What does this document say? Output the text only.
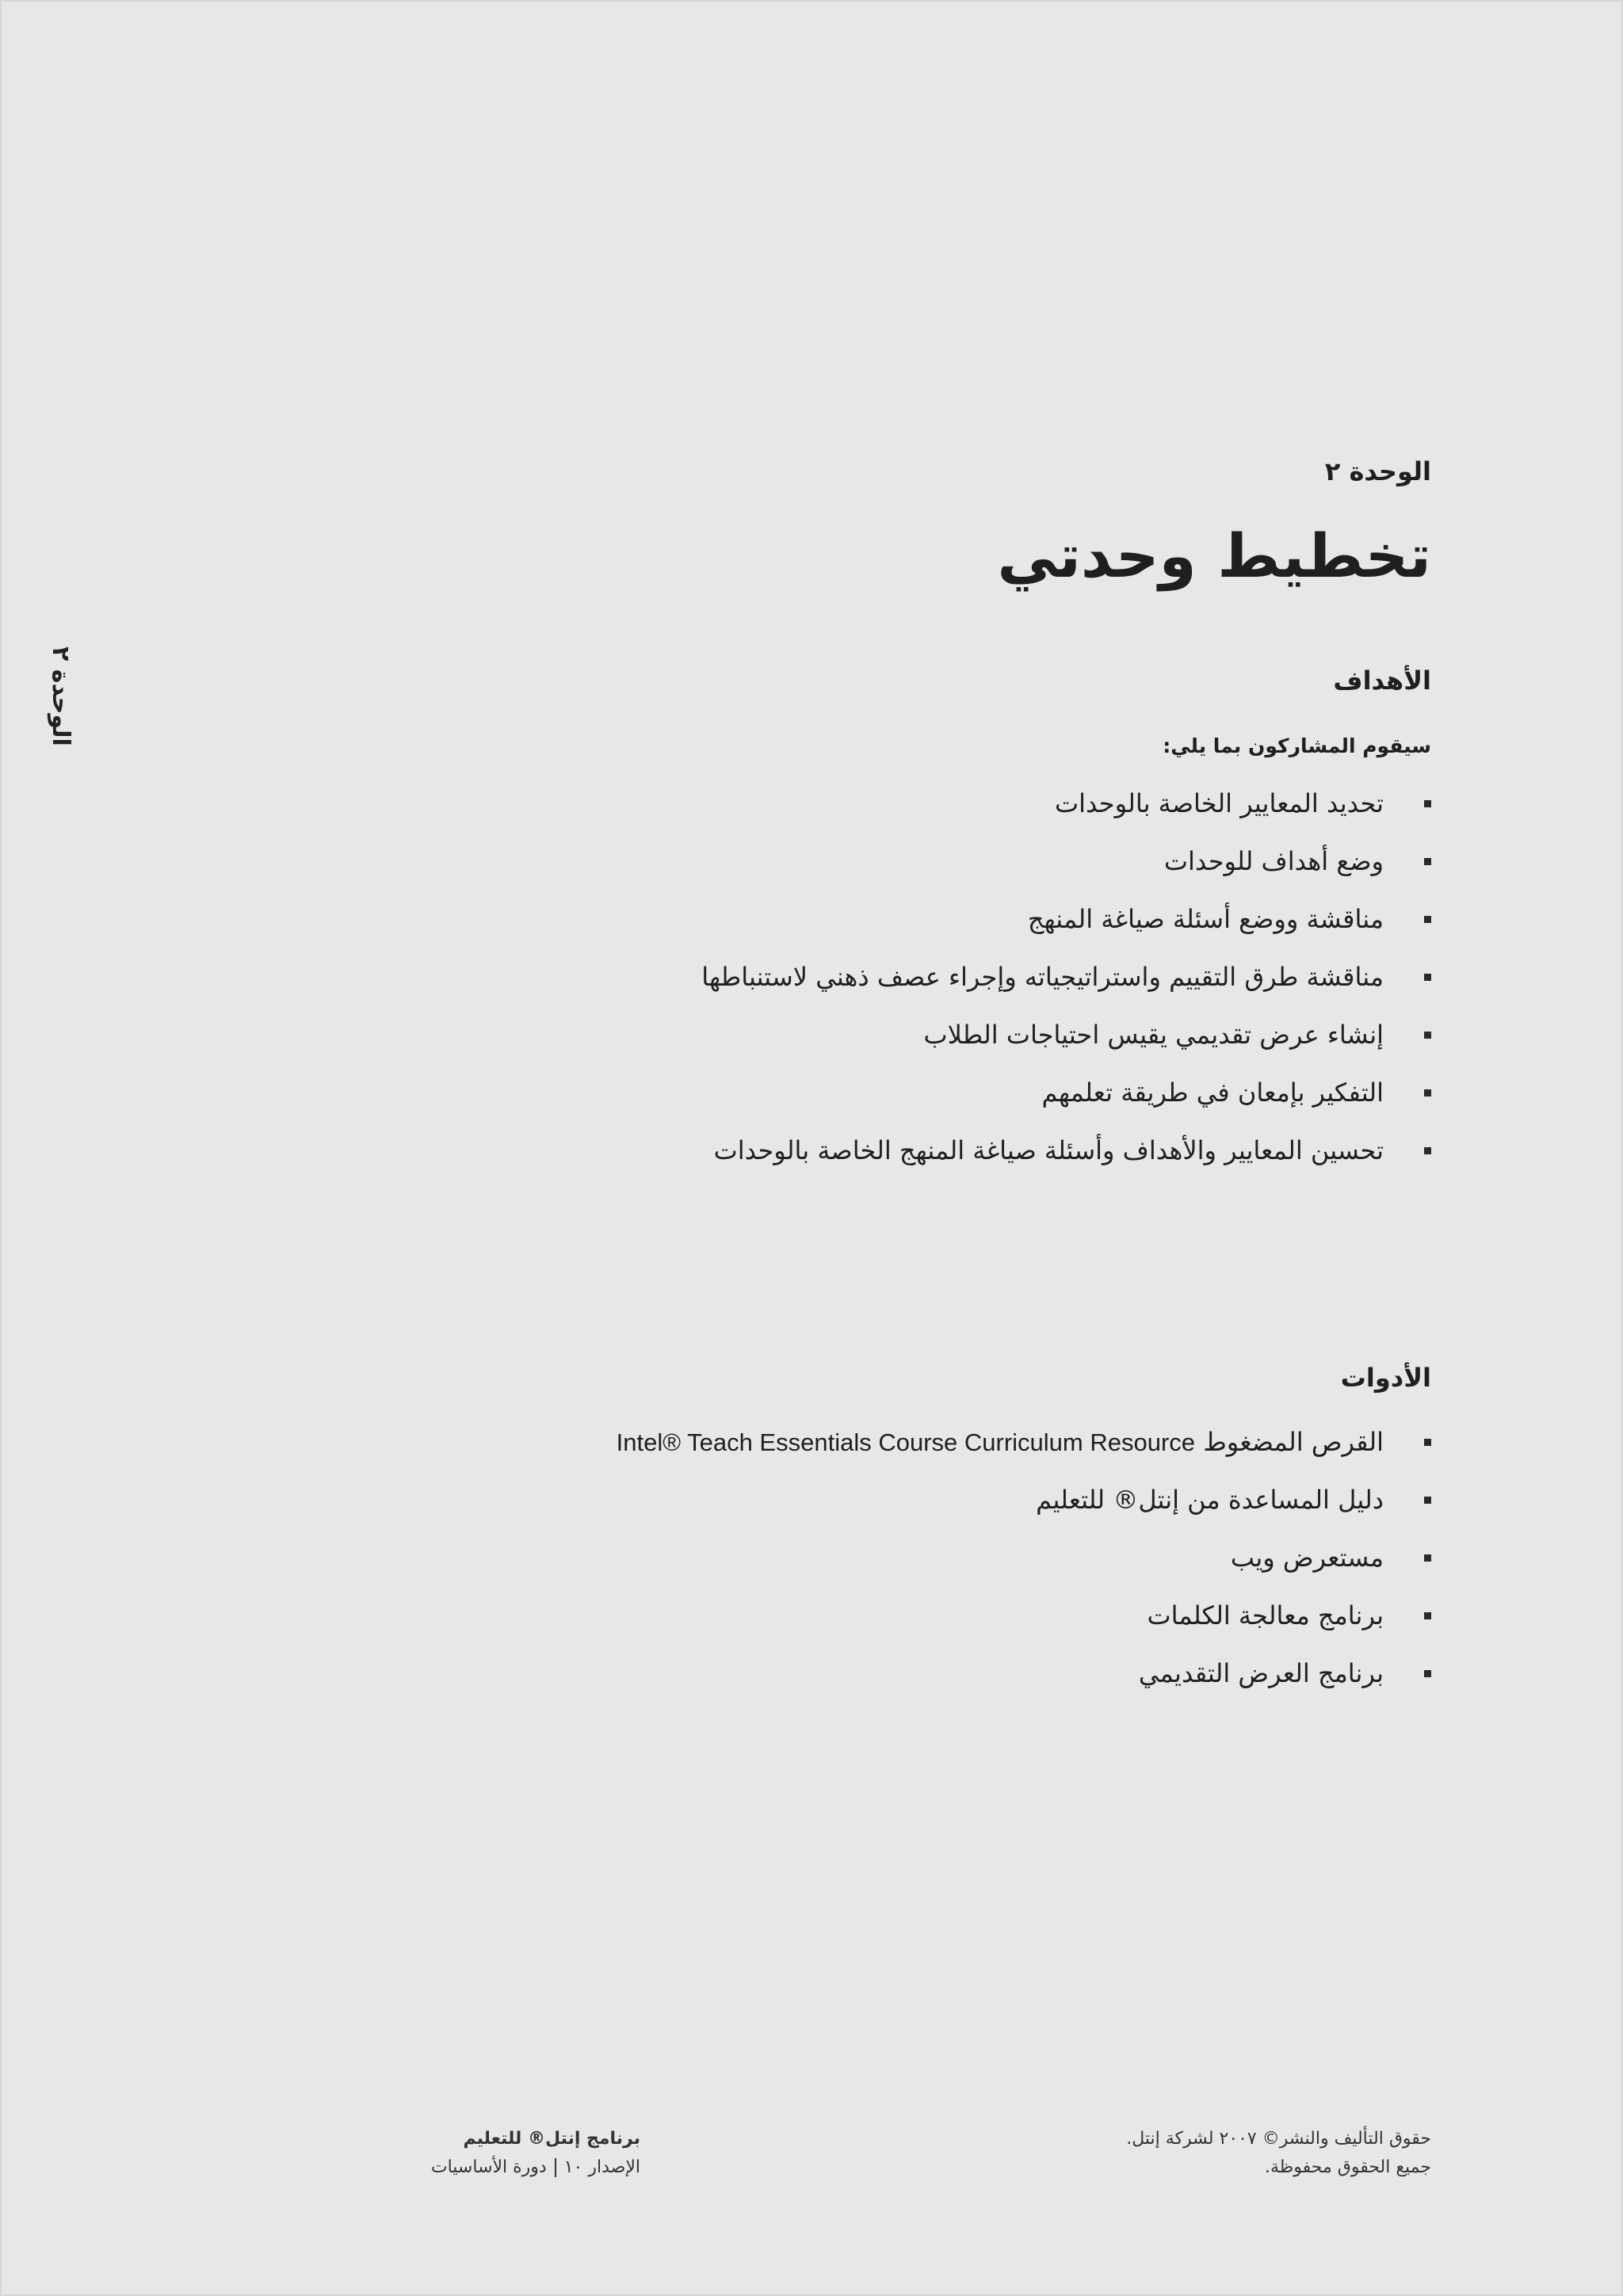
الوحدة ٢
الوحدة ٢
تخطيط وحدتي
الأهداف
سيقوم المشاركون بما يلي:
تحديد المعايير الخاصة بالوحدات
وضع أهداف للوحدات
مناقشة ووضع أسئلة صياغة المنهج
مناقشة طرق التقييم واستراتيجياته وإجراء عصف ذهني لاستنباطها
إنشاء عرض تقديمي يقيس احتياجات الطلاب
التفكير بإمعان في طريقة تعلمهم
تحسين المعايير والأهداف وأسئلة صياغة المنهج الخاصة بالوحدات
الأدوات
القرص المضغوط Intel® Teach Essentials Course Curriculum Resource
دليل المساعدة من إنتل® للتعليم
مستعرض ويب
برنامج معالجة الكلمات
برنامج العرض التقديمي
حقوق التأليف والنشر© ٢٠٠٧ لشركة إنتل.
جميع الحقوق محفوظة.
برنامج إنتل® للتعليم
الإصدار ١٠دورة الأساسيات
